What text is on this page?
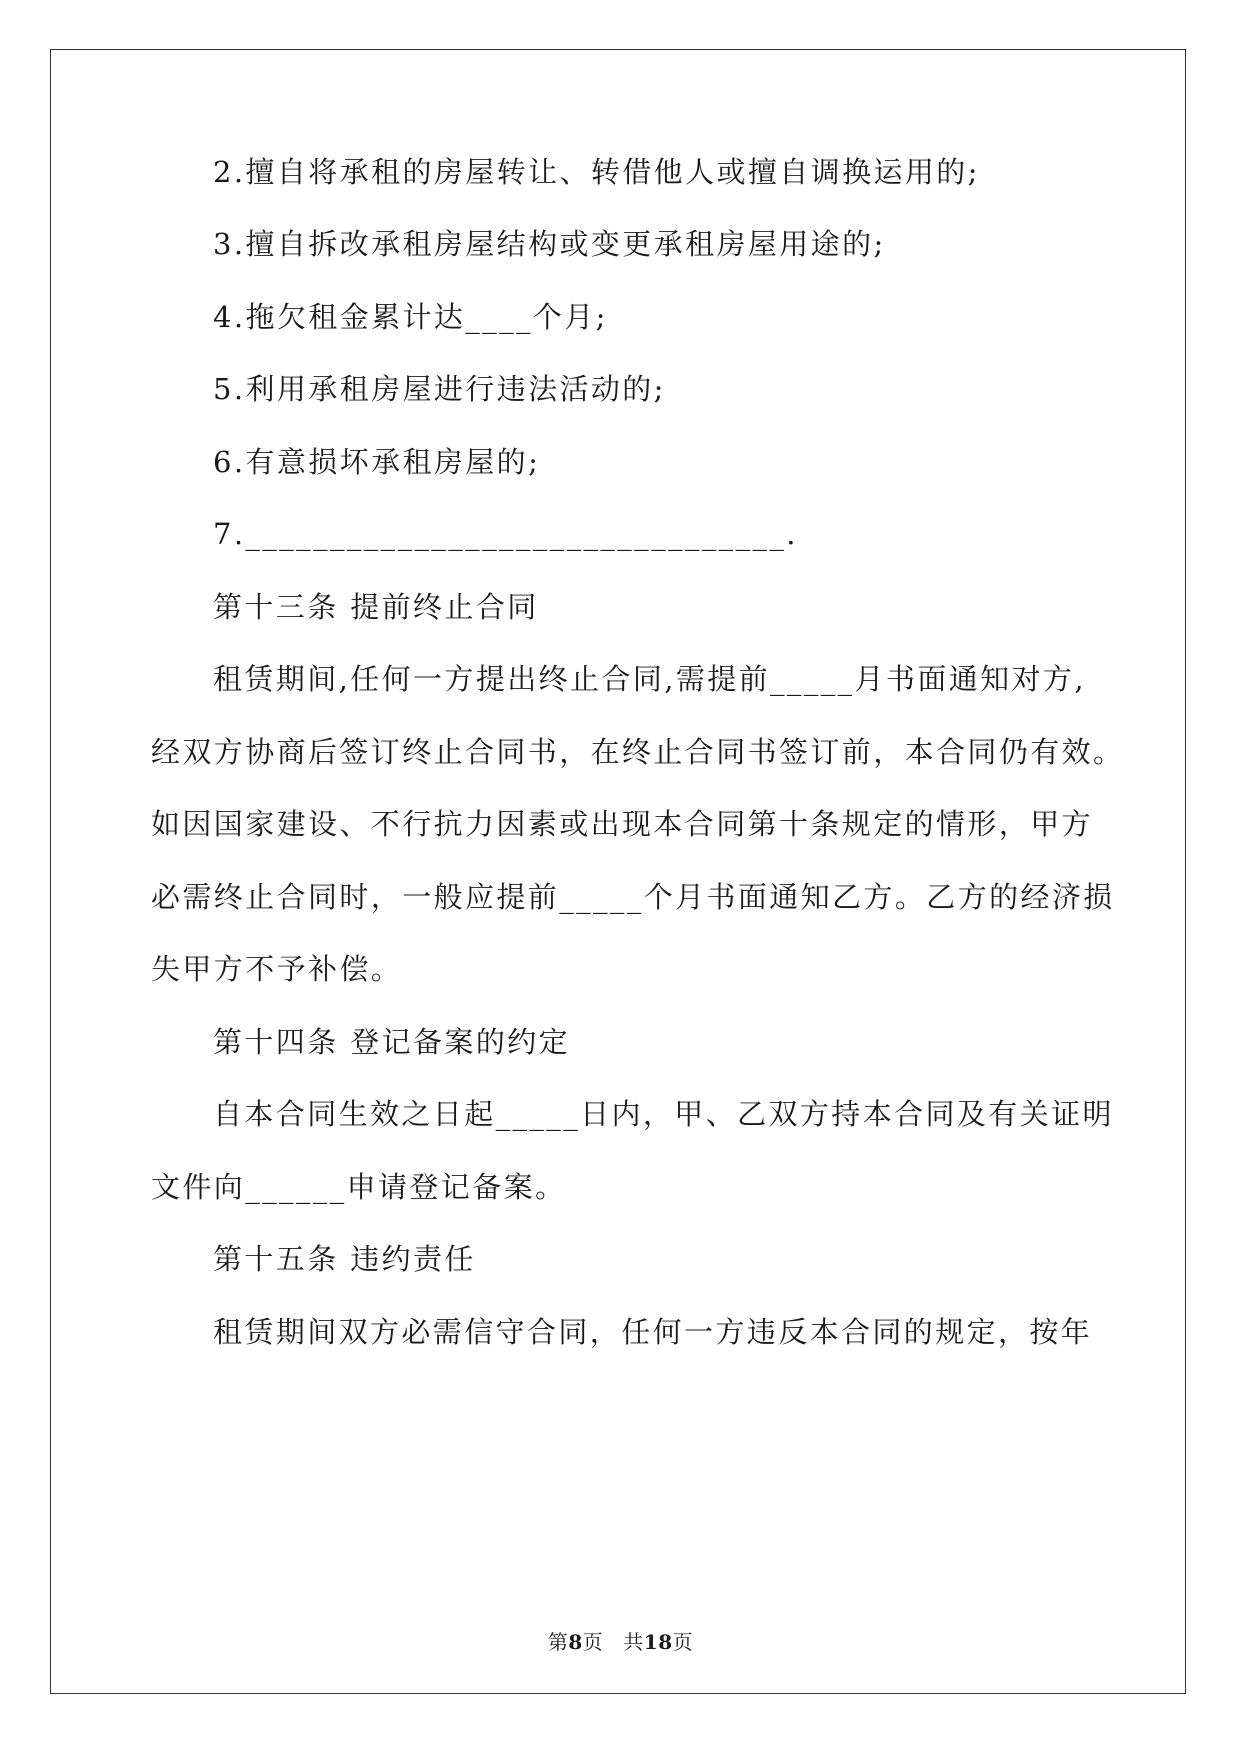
2.擅自将承租的房屋转让、转借他人或擅自调换运用的;
3.擅自拆改承租房屋结构或变更承租房屋用途的;
4.拖欠租金累计达____个月;
5.利用承租房屋进行违法活动的;
6.有意损坏承租房屋的;
7.________________________________.
第十三条 提前终止合同
租赁期间,任何一方提出终止合同,需提前_____月书面通知对方,
经双方协商后签订终止合同书，在终止合同书签订前，本合同仍有效。
如因国家建设、不行抗力因素或出现本合同第十条规定的情形，甲方
必需终止合同时，一般应提前_____个月书面通知乙方。乙方的经济损
失甲方不予补偿。
第十四条 登记备案的约定
自本合同生效之日起_____日内，甲、乙双方持本合同及有关证明
文件向______申请登记备案。
第十五条 违约责任
租赁期间双方必需信守合同，任何一方违反本合同的规定，按年
第8页 共18页
